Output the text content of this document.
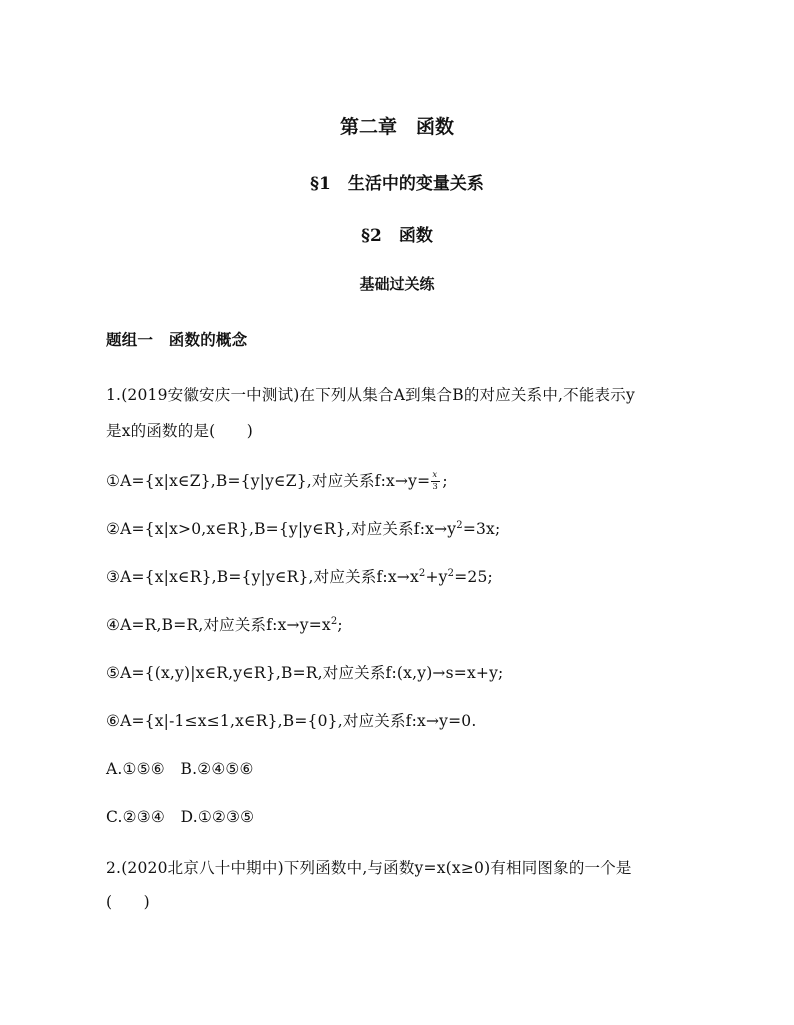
第二章　函数
§1　生活中的变量关系
§2　函数
基础过关练
题组一　函数的概念
1.(2019安徽安庆一中测试)在下列从集合A到集合B的对应关系中,不能表示y
是x的函数的是(　　)
①A={x|x∈Z},B={y|y∈Z},对应关系f:x→y= $\frac{x}{3}$ ;
②A={x|x>0,x∈R},B={y|y∈R},对应关系$f:x\to y^2=3x$;
③A={x|x∈R},B={y|y∈R},对应关系$f:x\to x^2+y^2=25$;
④A=R,B=R,对应关系$f:x\to y=x^2$;
⑤A={(x,y)|x∈R,y∈R},B=R,对应关系f:(x,y)→s=x+y;
⑥A={x|-1≤x≤1,x∈R},B={0},对应关系f:x→y=0.
A.①⑤⑥　B.②④⑤⑥
C.②③④　D.①②③⑤
2.(2020北京八十中期中)下列函数中,与函数y=x(x≥0)有相同图象的一个是
(　　)
